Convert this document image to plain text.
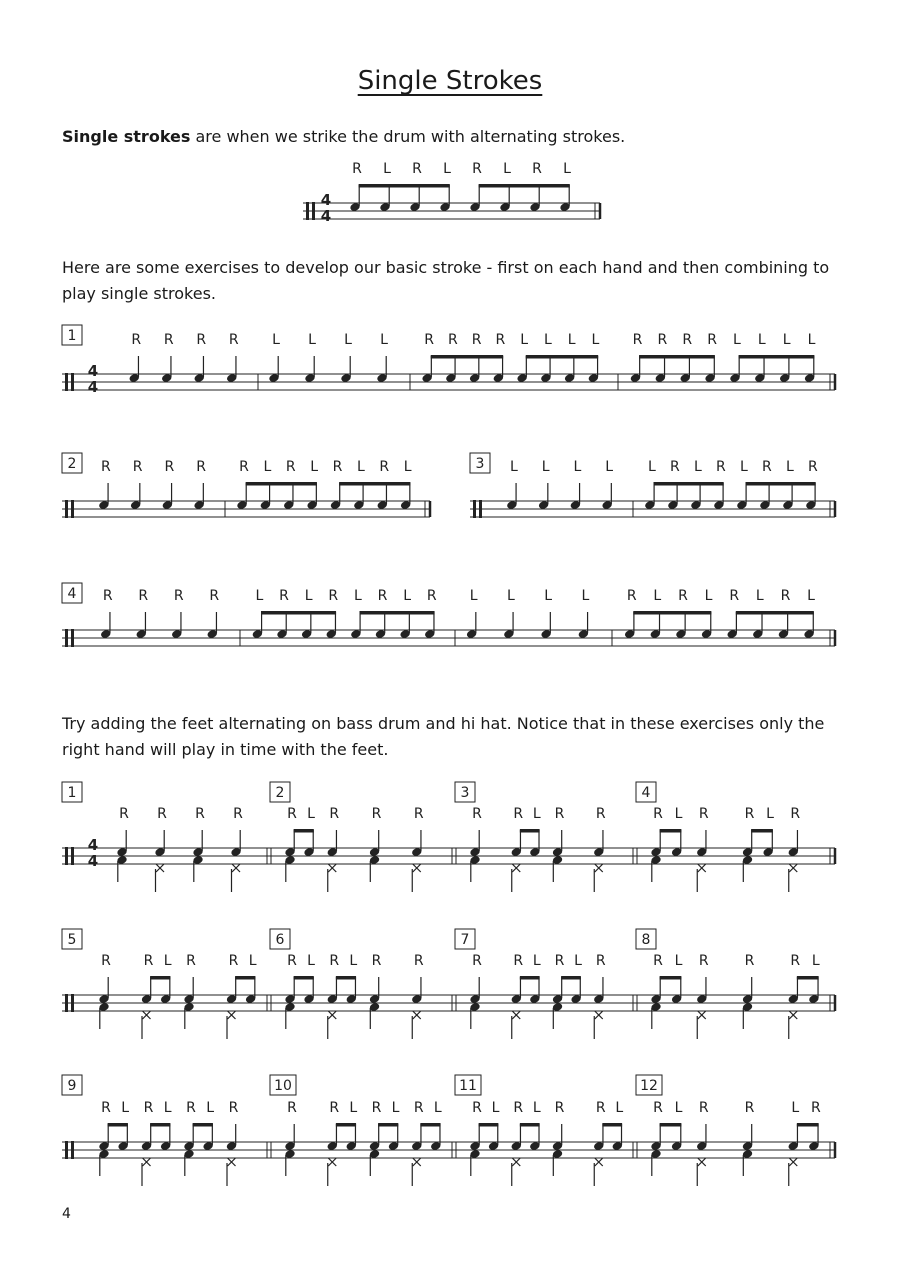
Single Strokes

Single strokes are when we strike the drum with alternating strokes.

4
4
R L R L R L R L
1
4
4
R R R R L L L L	R R R R L L L L R R R R L L L L
2 R R R R R L R L R L R L	3 L L L L L R L R L R L R
4 R R R R	L R L R L R L R L L L L	R L R L R L R L
1
4
4
R R R R
2
R L R R R
3
R R L R R
4
R L R	R L R
5
R R L R R L
6
R L R L R R
7
R R L R L R
8
R L R	R	R L
9
R L R L R L R
10
R R L R L R L
11
R L R L R R L
12
R L R	R	L R

Here are some exercises to develop our basic stroke - first on each hand and then combining to play single strokes.

Try adding the feet alternating on bass drum and hi hat. Notice that in these exercises only the right hand will play in time with the feet.

4
